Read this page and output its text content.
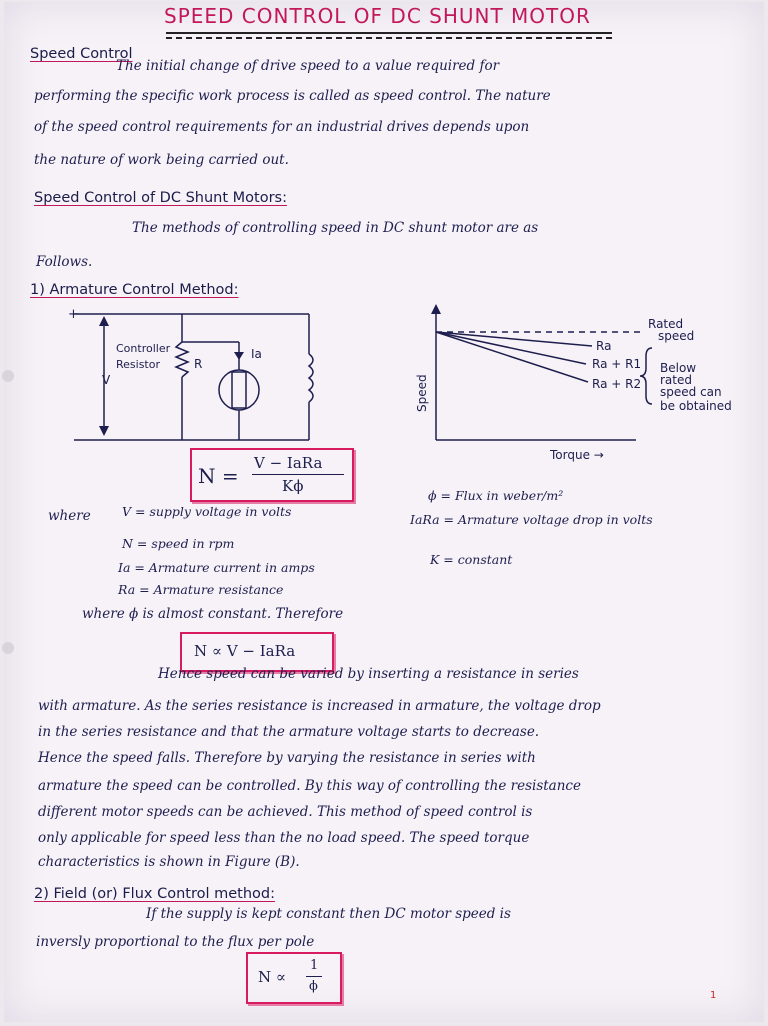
SPEED CONTROL OF DC SHUNT MOTOR
Speed Control
The initial change of drive speed to a value required for
performing the specific work process is called as speed control. The nature
of the speed control requirements for an industrial drives depends upon
the nature of work being carried out.
Speed Control of DC Shunt Motors:
The methods of controlling speed in DC shunt motor are as
Follows.
1) Armature Control Method:
+
Controller
Resistor	R
Ia
V	Speed
Torque →
Rated
speed
Ra
Ra + R1
Ra + R2
Below
rated
speed can
be obtained
N =
V − IaRa
Kϕ
where	V = supply voltage in volts
N = speed in rpm
Ia = Armature current in amps
Ra = Armature resistance
ϕ = Flux in weber/m²
IaRa = Armature voltage drop in volts
K = constant
where ϕ is almost constant. Therefore
N ∝ V − IaRa
Hence speed can be varied by inserting a resistance in series
with armature. As the series resistance is increased in armature, the voltage drop
in the series resistance and that the armature voltage starts to decrease.
Hence the speed falls. Therefore by varying the resistance in series with
armature the speed can be controlled. By this way of controlling the resistance
different motor speeds can be achieved. This method of speed control is
only applicable for speed less than the no load speed. The speed torque
characteristics is shown in Figure (B).
2) Field (or) Flux Control method:
If the supply is kept constant then DC motor speed is
inversly proportional to the flux per pole
N ∝
1
ϕ
1
